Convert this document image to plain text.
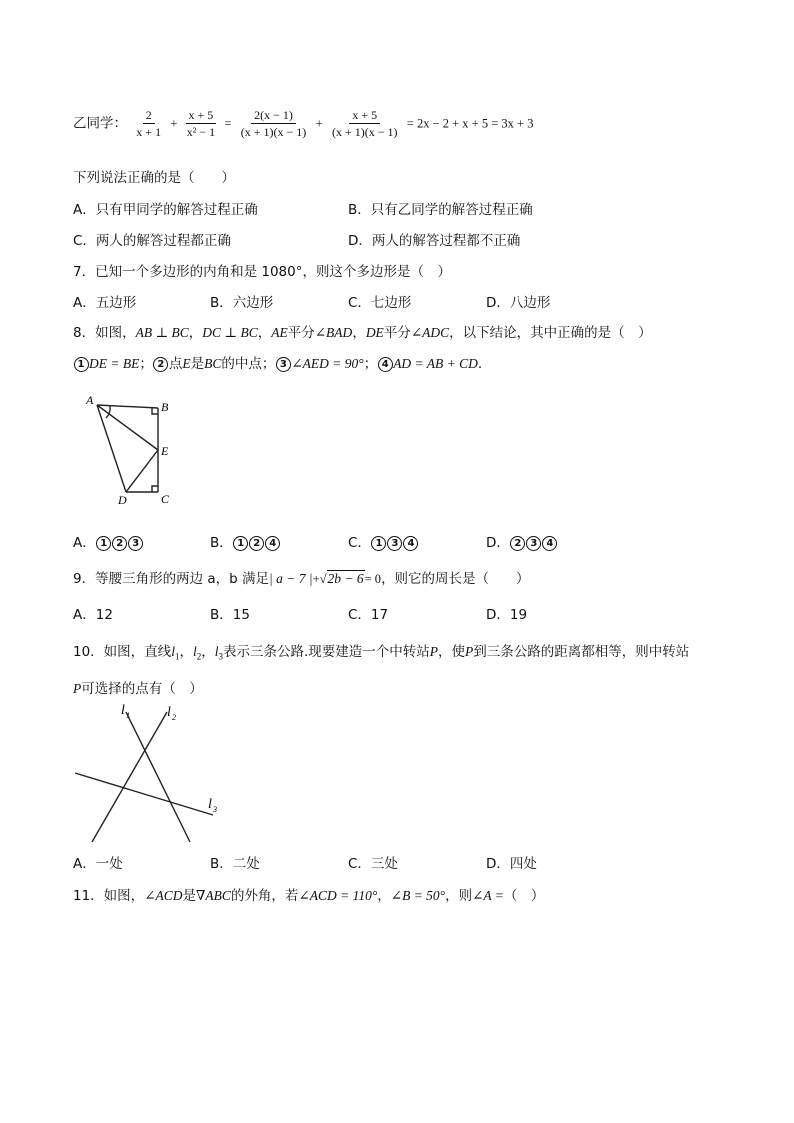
乙同学： $\frac{2}{x + 1} + \frac{x + 5}{\text{x² − 1}} = \frac{2(x - 1)}{(x + 1)(x - 1)} + \frac{x + 5}{(x + 1)(x - 1)} = 2x - 2 + x + 5 = 3x + 3$
下列说法正确的是（　　）
A．只有甲同学的解答过程正确	B．只有乙同学的解答过程正确
C．两人的解答过程都正确	D．两人的解答过程都不正确
7．已知一个多边形的内角和是 1080°，则这个多边形是（　）
A．五边形	B．六边形	C．七边形	D．八边形
8．如图，AB ⊥ BC，DC ⊥ BC，AE平分∠BAD，DE平分∠ADC，以下结论，其中正确的是（　）
1 DE = BE； 2 点E是BC的中点； 3 ∠AED = 90°； 4 AD = AB + CD.
A	B
E
D	C
A． 1 2 3	B． 1 2 4	C． 1 3 4	D． 2 3 4
9．等腰三角形的两边 a，b 满足| a − 7 |+√2b − 6= 0，则它的周长是（　　）
A．12	B．15	C．17	D．19
10．如图，直线$l_1$，$l_2$，$l_3$表示三条公路.现要建造一个中转站P，使P到三条公路的距离都相等，则中转站
P可选择的点有（　）
l 1	l 2
l 3
A．一处	B．二处	C．三处	D．四处
11．如图，∠ACD是∇ABC的外角，若∠ACD = 110°，∠B = 50°，则∠A =（　）
